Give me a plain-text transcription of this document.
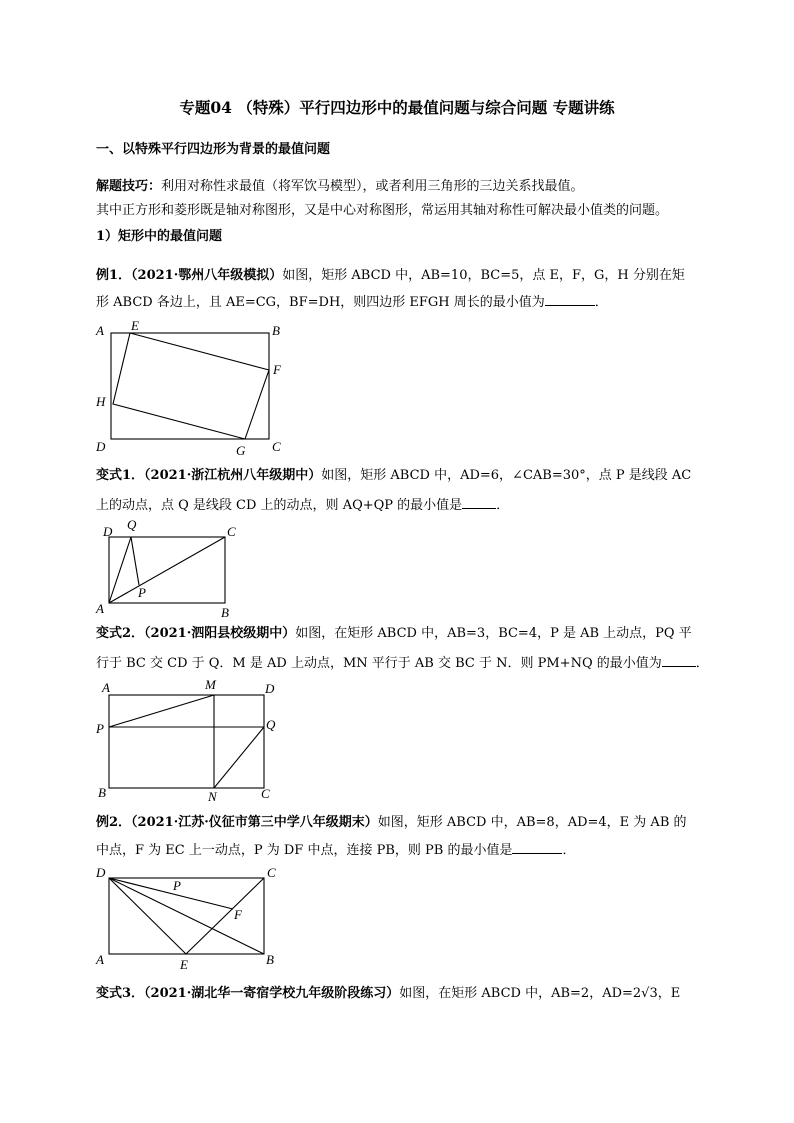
专题04 （特殊）平行四边形中的最值问题与综合问题 专题讲练
一、以特殊平行四边形为背景的最值问题
解题技巧：利用对称性求最值（将军饮马模型），或者利用三角形的三边关系找最值。
其中正方形和菱形既是轴对称图形，又是中心对称图形，常运用其轴对称性可解决最小值类的问题。
1）矩形中的最值问题
例1．（2021·鄂州八年级模拟）如图，矩形 ABCD 中，AB=10，BC=5，点 E，F，G，H 分别在矩
形 ABCD 各边上，且 AE=CG，BF=DH，则四边形 EFGH 周长的最小值为	．
A	B
C
D
E
F
G
H
变式1．（2021·浙江杭州八年级期中）如图，矩形 ABCD 中，AD=6，∠CAB=30°，点 P 是线段 AC
上的动点，点 Q 是线段 CD 上的动点，则 AQ+QP 的最小值是	．
A	B
C
D
P
Q
变式2．（2021·泗阳县校级期中）如图，在矩形 ABCD 中，AB=3，BC=4，P 是 AB 上动点，PQ 平
行于 BC 交 CD 于 Q．M 是 AD 上动点，MN 平行于 AB 交 BC 于 N．则 PM+NQ 的最小值为	．
A
B	C
D
M
N
P	Q
例2．（2021·江苏·仪征市第三中学八年级期末）如图，矩形 ABCD 中，AB=8，AD=4，E 为 AB 的
中点，F 为 EC 上一动点，P 为 DF 中点，连接 PB，则 PB 的最小值是	．
D	C
A	B
E
F
P
变式3．（2021·湖北华一寄宿学校九年级阶段练习）如图，在矩形 ABCD 中，AB=2，AD=2√3，E
